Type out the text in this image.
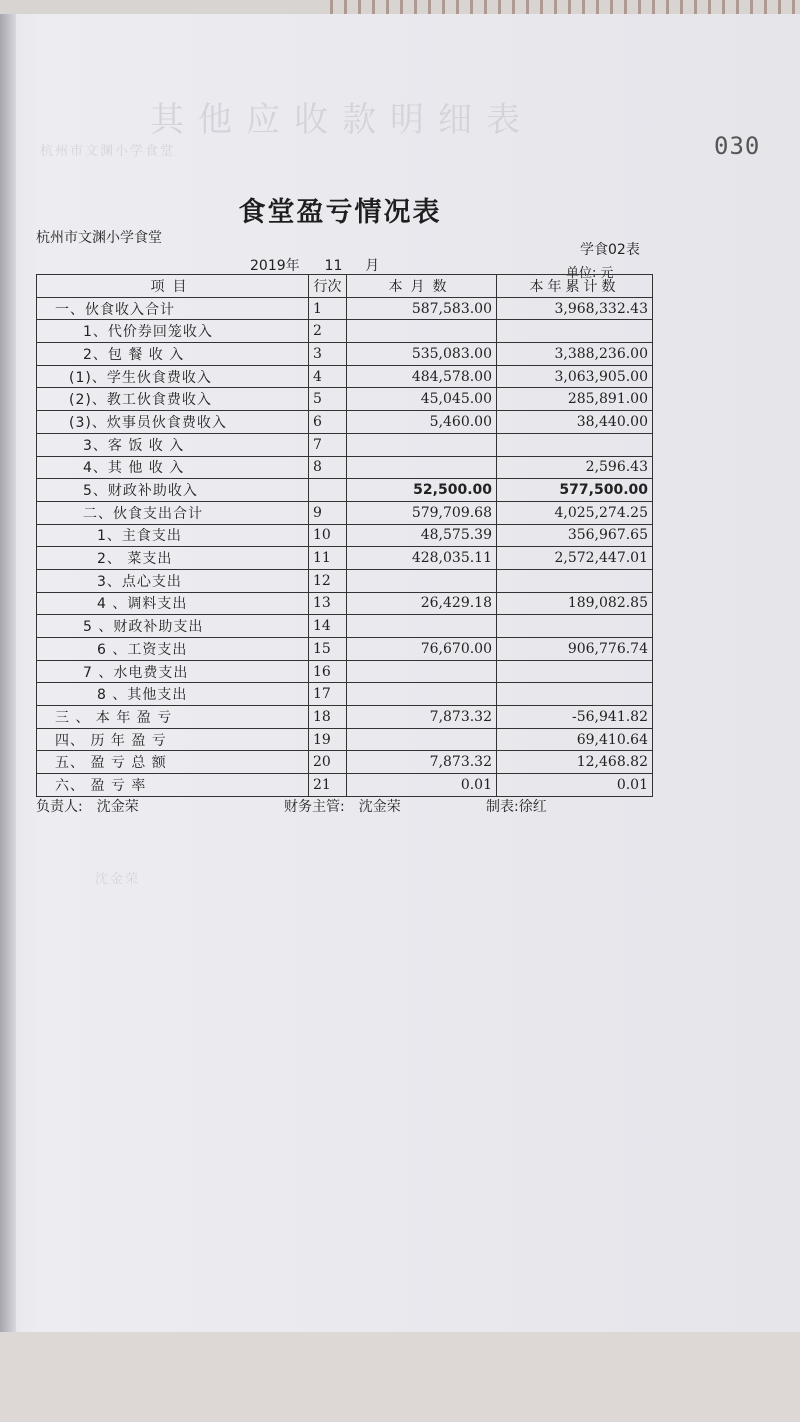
其他应收款明细表
杭州市文渊小学食堂
沈金荣
030
食堂盈亏情况表
杭州市文渊小学食堂
学食02表
2019年 11 月	单位: 元
项目	行次	本月数	本年累计数
一、伙食收入合计	1	587,583.00	3,968,332.43
1、代价券回笼收入	2		
2、包 餐 收 入	3	535,083.00	3,388,236.00
(1)、学生伙食费收入	4	484,578.00	3,063,905.00
(2)、教工伙食费收入	5	45,045.00	285,891.00
(3)、炊事员伙食费收入	6	5,460.00	38,440.00
3、客 饭 收 入	7		
4、其 他 收 入	8		2,596.43
5、财政补助收入		52,500.00	577,500.00
二、伙食支出合计	9	579,709.68	4,025,274.25
1、主食支出	10	48,575.39	356,967.65
2、 菜支出	11	428,035.11	2,572,447.01
3、点心支出	12		
4 、调料支出	13	26,429.18	189,082.85
5 、财政补助支出	14		
6 、工资支出	15	76,670.00	906,776.74
7 、水电费支出	16		
8 、其他支出	17		
三 、 本 年 盈 亏	18	7,873.32	-56,941.82
四、 历 年 盈 亏	19		69,410.64
五、 盈 亏 总 额	20	7,873.32	12,468.82
六、 盈 亏 率	21	0.01	0.01
负责人: 沈金荣	财务主管: 沈金荣	制表:徐红
